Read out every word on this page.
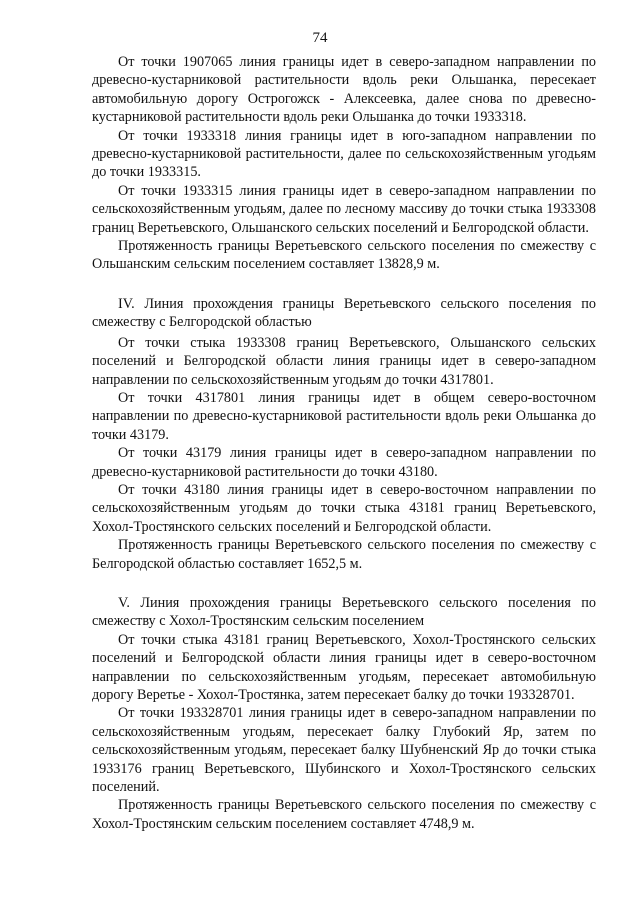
74

От точки 1907065 линия границы идет в северо-западном направлении по древесно-кустарниковой растительности вдоль реки Ольшанка, пересекает автомобильную дорогу Острогожск - Алексеевка, далее снова по древесно-кустарниковой растительности вдоль реки Ольшанка до точки 1933318.

От точки 1933318 линия границы идет в юго-западном направлении по древесно-кустарниковой растительности, далее по сельскохозяйственным угодьям до точки 1933315.

От точки 1933315 линия границы идет в северо-западном направлении по сельскохозяйственным угодьям, далее по лесному массиву до точки стыка 1933308 границ Веретьевского, Ольшанского сельских поселений и Белгородской области.

Протяженность границы Веретьевского сельского поселения по смежеству с Ольшанским сельским поселением составляет 13828,9 м.

IV. Линия прохождения границы Веретьевского сельского поселения по смежеству с Белгородской областью

От точки стыка 1933308 границ Веретьевского, Ольшанского сельских поселений и Белгородской области линия границы идет в северо-западном направлении по сельскохозяйственным угодьям до точки 4317801.

От точки 4317801 линия границы идет в общем северо-восточном направлении по древесно-кустарниковой растительности вдоль реки Ольшанка до точки 43179.

От точки 43179 линия границы идет в северо-западном направлении по древесно-кустарниковой растительности до точки 43180.

От точки 43180 линия границы идет в северо-восточном направлении по сельскохозяйственным угодьям до точки стыка 43181 границ Веретьевского, Хохол-Тростянского сельских поселений и Белгородской области.

Протяженность границы Веретьевского сельского поселения по смежеству с Белгородской областью составляет 1652,5 м.

V. Линия прохождения границы Веретьевского сельского поселения по смежеству с Хохол-Тростянским сельским поселением

От точки стыка 43181 границ Веретьевского, Хохол-Тростянского сельских поселений и Белгородской области линия границы идет в северо-восточном направлении по сельскохозяйственным угодьям, пересекает автомобильную дорогу Веретье - Хохол-Тростянка, затем пересекает балку до точки 193328701.

От точки 193328701 линия границы идет в северо-западном направлении по сельскохозяйственным угодьям, пересекает балку Глубокий Яр, затем по сельскохозяйственным угодьям, пересекает балку Шубненский Яр до точки стыка 1933176 границ Веретьевского, Шубинского и Хохол-Тростянского сельских поселений.

Протяженность границы Веретьевского сельского поселения по смежеству с Хохол-Тростянским сельским поселением составляет 4748,9 м.
